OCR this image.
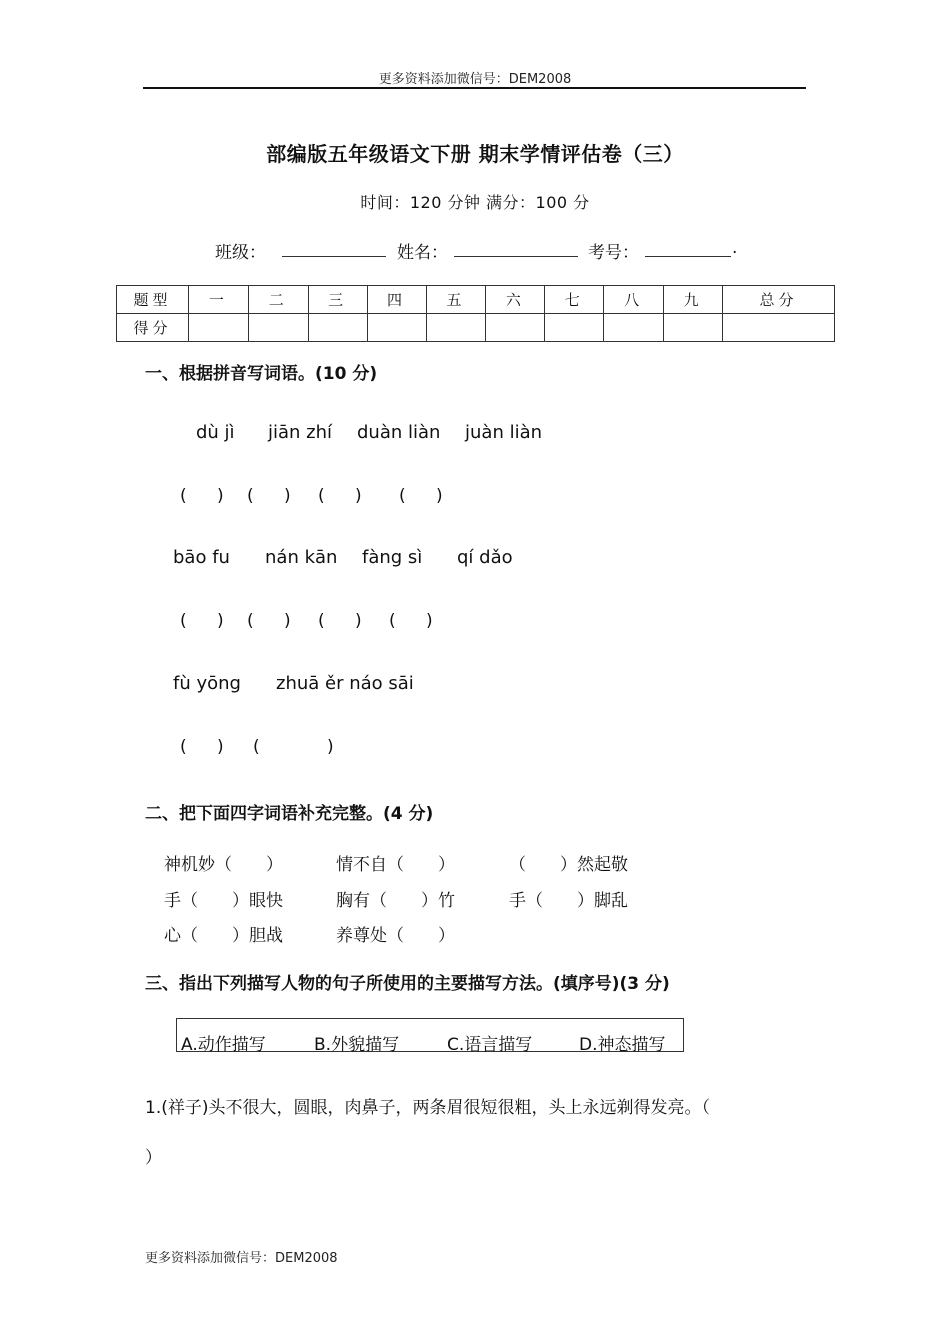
更多资料添加微信号：DEM2008
部编版五年级语文下册 期末学情评估卷（三）
时间：120 分钟 满分：100 分
班级：	姓名：	考号：	.
题型	一	二	三	四	五	六	七	八	九	总分
得分										
一、根据拼音写词语。(10 分)
dù jì jiān zhí duàn liàn juàn liàn
( ) ( ) ( ) ( )
bāo fu nán kān fàng sì qí dǎo
( ) ( ) ( ) ( )
fù yōng zhuā ěr náo sāi
( ) (	)
二、把下面四字词语补充完整。(4 分)
神机妙（　　）	情不自（　　）	（　　）然起敬
手（　　）眼快	胸有（　　）竹	手（　　）脚乱
心（　　）胆战	养尊处（　　）
三、指出下列描写人物的句子所使用的主要描写方法。(填序号)(3 分)
A.动作描写	B.外貌描写	C.语言描写	D.神态描写
1.(祥子)头不很大，圆眼，肉鼻子，两条眉很短很粗，头上永远剃得发亮。（
）
更多资料添加微信号：DEM2008
